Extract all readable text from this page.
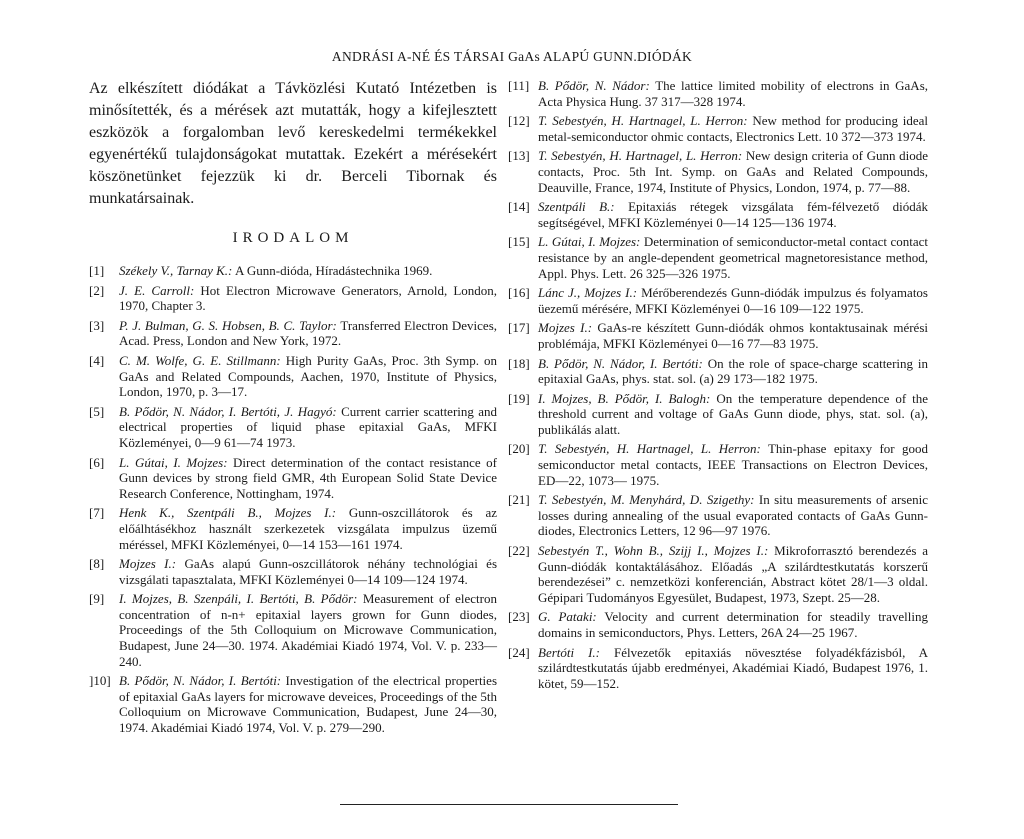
ANDRÁSI A-NÉ ÉS TÁRSAI GaAs ALAPÚ GUNN.DIÓDÁK

Az elkészített diódákat a Távközlési Kutató Intézetben is minősítették, és a mérések azt mutatták, hogy a kifejlesztett eszközök a forgalomban levő kereskedelmi termékekkel egyenértékű tulajdonságokat mutattak. Ezekért a mérésekért köszönetünket fejezzük ki dr. Berceli Tibornak és munkatársainak.

IRODALOM
[1] Székely V., Tarnay K.: A Gunn-dióda, Híradástechnika 1969.
[2] J. E. Carroll: Hot Electron Microwave Generators, Arnold, London, 1970, Chapter 3.
[3] P. J. Bulman, G. S. Hobsen, B. C. Taylor: Transferred Electron Devices, Acad. Press, London and New York, 1972.
[4] C. M. Wolfe, G. E. Stillmann: High Purity GaAs, Proc. 3th Symp. on GaAs and Related Compounds, Aachen, 1970, Institute of Physics, London, 1970, p. 3—17.
[5] B. Pődör, N. Nádor, I. Bertóti, J. Hagyó: Current carrier scattering and electrical properties of liquid phase epitaxial GaAs, MFKI Közleményei, 0—9 61—74 1973.
[6] L. Gútai, I. Mojzes: Direct determination of the contact resistance of Gunn devices by strong field GMR, 4th European Solid State Device Research Conference, Nottingham, 1974.
[7] Henk K., Szentpáli B., Mojzes I.: Gunn-oszcillátorok és az előálhtásékhoz használt szerkezetek vizsgálata impulzus üzemű méréssel, MFKI Közleményei, 0—14 153—161 1974.
[8] Mojzes I.: GaAs alapú Gunn-oszcillátorok néhány technológiai és vizsgálati tapasztalata, MFKI Közleményei 0—14 109—124 1974.
[9] I. Mojzes, B. Szenpáli, I. Bertóti, B. Pődör: Measurement of electron concentration of n-n+ epitaxial layers grown for Gunn diodes, Proceedings of the 5th Colloquium on Microwave Communication, Budapest, June 24—30. 1974. Akadémiai Kiadó 1974, Vol. V. p. 233—240.
]10] B. Pődör, N. Nádor, I. Bertóti: Investigation of the electrical properties of epitaxial GaAs layers for microwave deveices, Proceedings of the 5th Colloquium on Microwave Communication, Budapest, June 24—30, 1974. Akadémiai Kiadó 1974, Vol. V. p. 279—290.
[11] B. Pődör, N. Nádor: The lattice limited mobility of electrons in GaAs, Acta Physica Hung. 37 317—328 1974.
[12] T. Sebestyén, H. Hartnagel, L. Herron: New method for producing ideal metal-semiconductor ohmic contacts, Electronics Lett. 10 372—373 1974.
[13] T. Sebestyén, H. Hartnagel, L. Herron: New design criteria of Gunn diode contacts, Proc. 5th Int. Symp. on GaAs and Related Compounds, Deauville, France, 1974, Institute of Physics, London, 1974, p. 77—88.
[14] Szentpáli B.: Epitaxiás rétegek vizsgálata fém-félvezető diódák segítségével, MFKI Közleményei 0—14 125—136 1974.
[15] L. Gútai, I. Mojzes: Determination of semiconductor-metal contact contact resistance by an angle-dependent geometrical magnetoresistance method, Appl. Phys. Lett. 26 325—326 1975.
[16] Lánc J., Mojzes I.: Mérőberendezés Gunn-diódák impulzus és folyamatos üezemű mérésére, MFKI Közleményei 0—16 109—122 1975.
[17] Mojzes I.: GaAs-re készített Gunn-diódák ohmos kontaktusainak mérési problémája, MFKI Közleményei 0—16 77—83 1975.
[18] B. Pődör, N. Nádor, I. Bertóti: On the role of space-charge scattering in epitaxial GaAs, phys. stat. sol. (a) 29 173—182 1975.
[19] I. Mojzes, B. Pődör, I. Balogh: On the temperature dependence of the threshold current and voltage of GaAs Gunn diode, phys, stat. sol. (a), publikálás alatt.
[20] T. Sebestyén, H. Hartnagel, L. Herron: Thin-phase epitaxy for good semiconductor metal contacts, IEEE Transactions on Electron Devices, ED—22, 1073— 1975.
[21] T. Sebestyén, M. Menyhárd, D. Szigethy: In situ measurements of arsenic losses during annealing of the usual evaporated contacts of GaAs Gunn-diodes, Electronics Letters, 12 96—97 1976.
[22] Sebestyén T., Wohn B., Szijj I., Mojzes I.: Mikroforrasztó berendezés a Gunn-diódák kontaktálásához. Előadás „A szilárdtestkutatás korszerű berendezései” c. nemzetközi konferencián, Abstract kötet 28/1—3 oldal. Gépipari Tudományos Egyesület, Budapest, 1973, Szept. 25—28.
[23] G. Pataki: Velocity and current determination for steadily travelling domains in semiconductors, Phys. Letters, 26A 24—25 1967.
[24] Bertóti I.: Félvezetők epitaxiás növesztése folyadékfázisból, A szilárdtestkutatás újabb eredményei, Akadémiai Kiadó, Budapest 1976, 1. kötet, 59—152.
